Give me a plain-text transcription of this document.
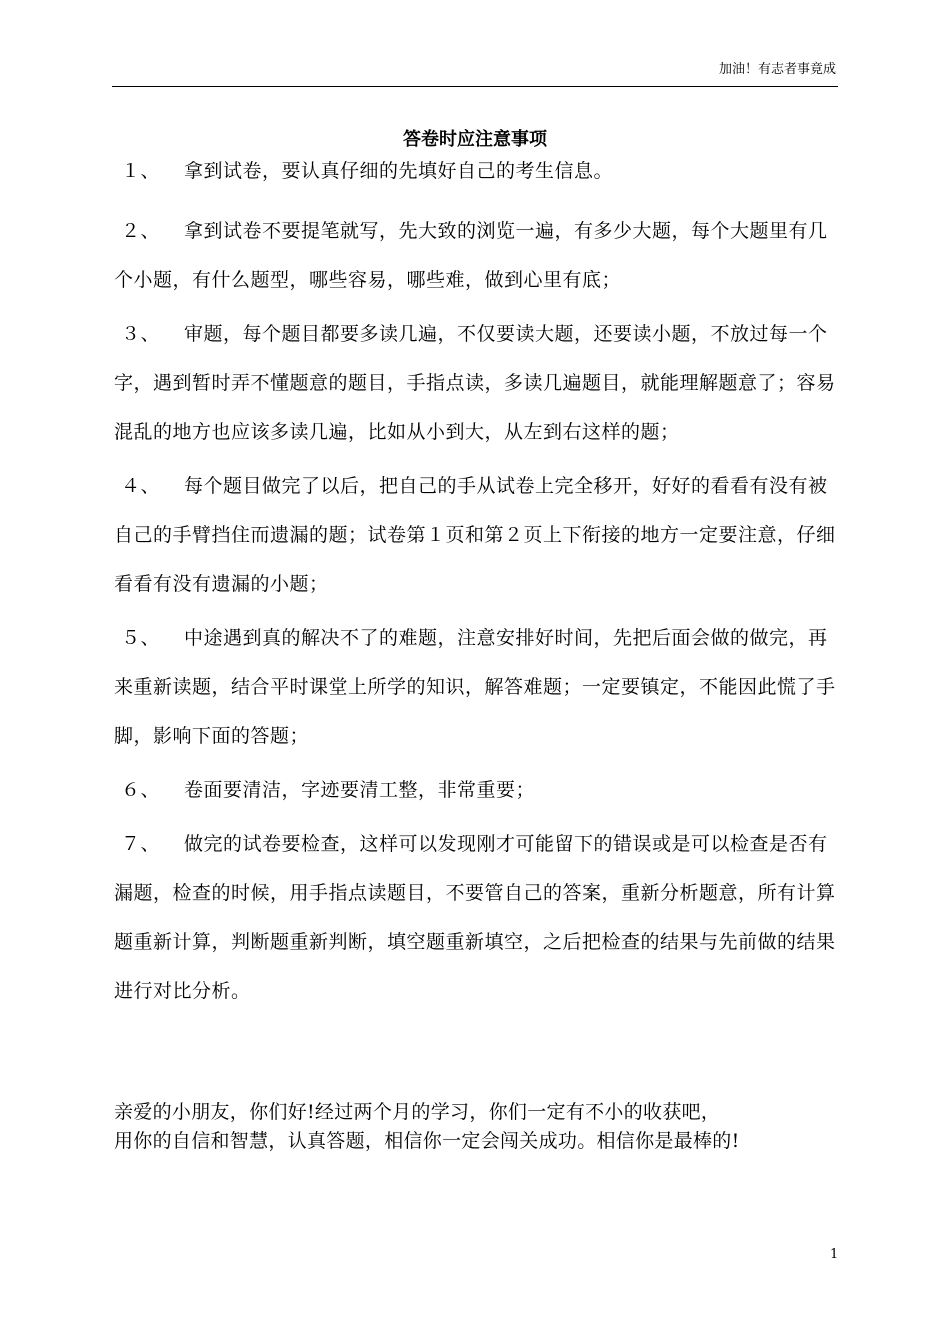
加油！有志者事竟成
答卷时应注意事项
１、 拿到试卷，要认真仔细的先填好自己的考生信息。
２、 拿到试卷不要提笔就写，先大致的浏览一遍，有多少大题，每个大题里有几个小题，有什么题型，哪些容易，哪些难，做到心里有底；
３、 审题，每个题目都要多读几遍，不仅要读大题，还要读小题，不放过每一个字，遇到暂时弄不懂题意的题目，手指点读，多读几遍题目，就能理解题意了；容易混乱的地方也应该多读几遍，比如从小到大，从左到右这样的题；
４、 每个题目做完了以后，把自己的手从试卷上完全移开，好好的看看有没有被自己的手臂挡住而遗漏的题；试卷第１页和第２页上下衔接的地方一定要注意，仔细看看有没有遗漏的小题；
５、 中途遇到真的解决不了的难题，注意安排好时间，先把后面会做的做完，再来重新读题，结合平时课堂上所学的知识，解答难题；一定要镇定，不能因此慌了手脚，影响下面的答题；
６、 卷面要清洁，字迹要清工整，非常重要；
７、 做完的试卷要检查，这样可以发现刚才可能留下的错误或是可以检查是否有漏题，检查的时候，用手指点读题目，不要管自己的答案，重新分析题意，所有计算题重新计算，判断题重新判断，填空题重新填空，之后把检查的结果与先前做的结果进行对比分析。
亲爱的小朋友，你们好!经过两个月的学习，你们一定有不小的收获吧，
用你的自信和智慧，认真答题，相信你一定会闯关成功。相信你是最棒的!
1
